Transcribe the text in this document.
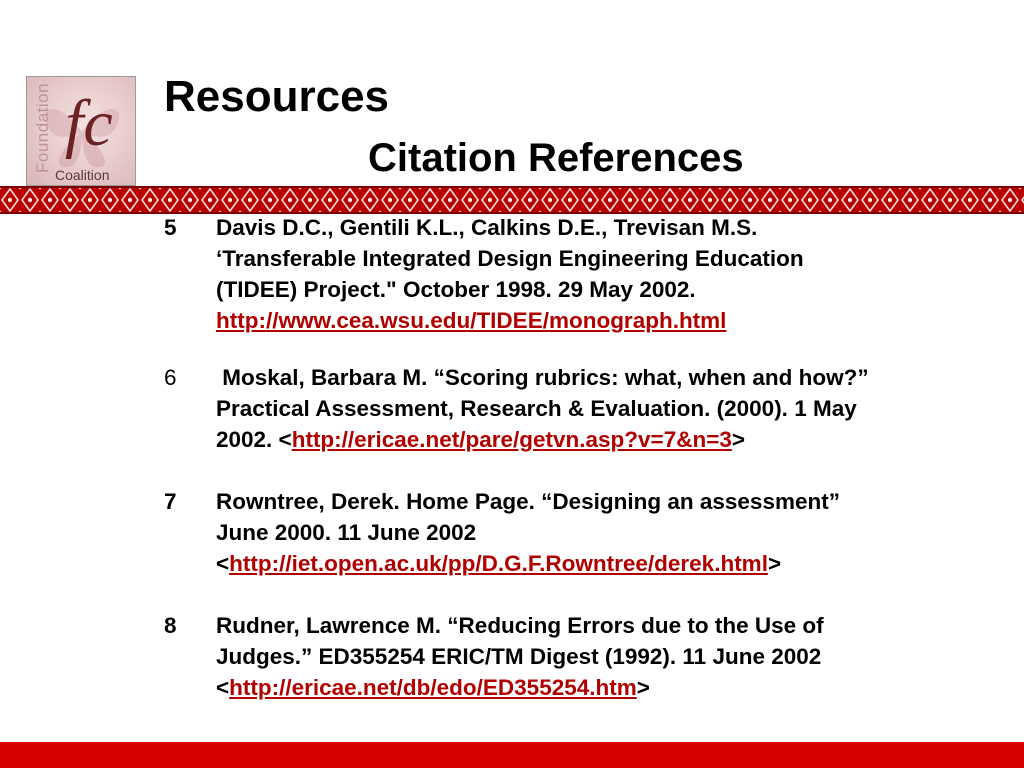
Foundation fc
Coalition
Resources
Citation References
5	Davis D.C., Gentili K.L., Calkins D.E., Trevisan M.S.
‘Transferable Integrated Design Engineering Education
(TIDEE) Project." October 1998. 29 May 2002.
http://www.cea.wsu.edu/TIDEE/monograph.html
6	Moskal, Barbara M. “Scoring rubrics: what, when and how?”
Practical Assessment, Research & Evaluation. (2000). 1 May
2002. <http://ericae.net/pare/getvn.asp?v=7&n=3>
7	Rowntree, Derek. Home Page. “Designing an assessment”
June 2000. 11 June 2002
<http://iet.open.ac.uk/pp/D.G.F.Rowntree/derek.html>
8	Rudner, Lawrence M. “Reducing Errors due to the Use of
Judges.” ED355254 ERIC/TM Digest (1992). 11 June 2002
<http://ericae.net/db/edo/ED355254.htm>
